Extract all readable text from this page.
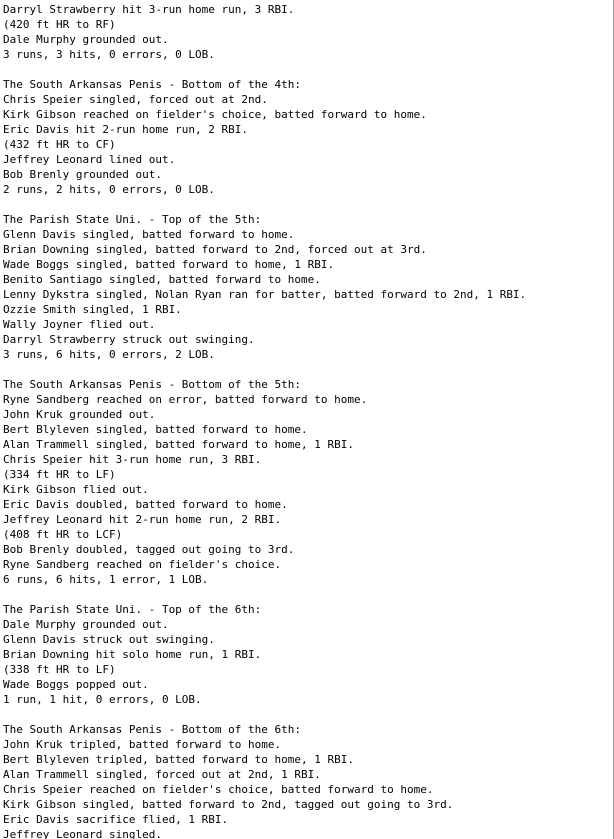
Darryl Strawberry hit 3-run home run, 3 RBI.
(420 ft HR to RF)
Dale Murphy grounded out.
3 runs, 3 hits, 0 errors, 0 LOB.
The South Arkansas Penis - Bottom of the 4th:
Chris Speier singled, forced out at 2nd.
Kirk Gibson reached on fielder's choice, batted forward to home.
Eric Davis hit 2-run home run, 2 RBI.
(432 ft HR to CF)
Jeffrey Leonard lined out.
Bob Brenly grounded out.
2 runs, 2 hits, 0 errors, 0 LOB.
The Parish State Uni. - Top of the 5th:
Glenn Davis singled, batted forward to home.
Brian Downing singled, batted forward to 2nd, forced out at 3rd.
Wade Boggs singled, batted forward to home, 1 RBI.
Benito Santiago singled, batted forward to home.
Lenny Dykstra singled, Nolan Ryan ran for batter, batted forward to 2nd, 1 RBI.
Ozzie Smith singled, 1 RBI.
Wally Joyner flied out.
Darryl Strawberry struck out swinging.
3 runs, 6 hits, 0 errors, 2 LOB.
The South Arkansas Penis - Bottom of the 5th:
Ryne Sandberg reached on error, batted forward to home.
John Kruk grounded out.
Bert Blyleven singled, batted forward to home.
Alan Trammell singled, batted forward to home, 1 RBI.
Chris Speier hit 3-run home run, 3 RBI.
(334 ft HR to LF)
Kirk Gibson flied out.
Eric Davis doubled, batted forward to home.
Jeffrey Leonard hit 2-run home run, 2 RBI.
(408 ft HR to LCF)
Bob Brenly doubled, tagged out going to 3rd.
Ryne Sandberg reached on fielder's choice.
6 runs, 6 hits, 1 error, 1 LOB.
The Parish State Uni. - Top of the 6th:
Dale Murphy grounded out.
Glenn Davis struck out swinging.
Brian Downing hit solo home run, 1 RBI.
(338 ft HR to LF)
Wade Boggs popped out.
1 run, 1 hit, 0 errors, 0 LOB.
The South Arkansas Penis - Bottom of the 6th:
John Kruk tripled, batted forward to home.
Bert Blyleven tripled, batted forward to home, 1 RBI.
Alan Trammell singled, forced out at 2nd, 1 RBI.
Chris Speier reached on fielder's choice, batted forward to home.
Kirk Gibson singled, batted forward to 2nd, tagged out going to 3rd.
Eric Davis sacrifice flied, 1 RBI.
Jeffrey Leonard singled.
